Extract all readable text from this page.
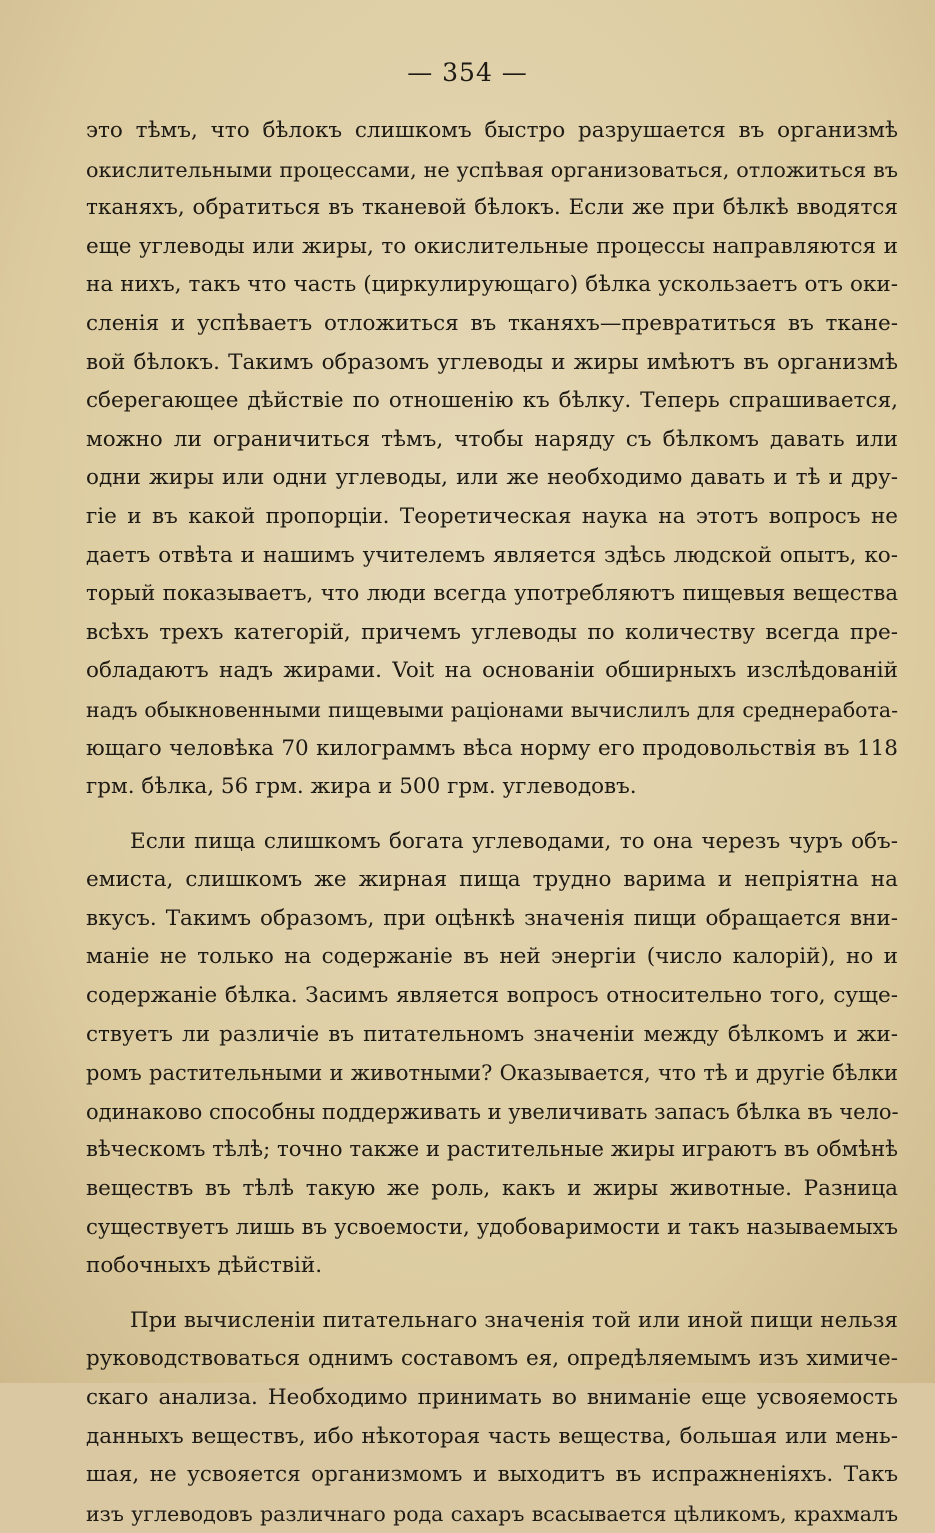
— 354 —
это тѣмъ, что бѣлокъ слишкомъ быстро разрушается въ организмѣ
окислительными процессами, не успѣвая организоваться, отложиться въ
тканяхъ, обратиться въ тканевой бѣлокъ. Если же при бѣлкѣ вводятся
еще углеводы или жиры, то окислительные процессы направляются и
на нихъ, такъ что часть (циркулирующаго) бѣлка ускользаетъ отъ оки-
сленія и успѣваетъ отложиться въ тканяхъ—превратиться въ ткане-
вой бѣлокъ. Такимъ образомъ углеводы и жиры имѣютъ въ организмѣ
сберегающее дѣйствіе по отношенію къ бѣлку. Теперь спрашивается,
можно ли ограничиться тѣмъ, чтобы наряду съ бѣлкомъ давать или
одни жиры или одни углеводы, или же необходимо давать и тѣ и дру-
гіе и въ какой пропорціи. Теоретическая наука на этотъ вопросъ не
даетъ отвѣта и нашимъ учителемъ является здѣсь людской опытъ, ко-
торый показываетъ, что люди всегда употребляютъ пищевыя вещества
всѣхъ трехъ категорій, причемъ углеводы по количеству всегда пре-
обладаютъ надъ жирами. Voit на основаніи обширныхъ изслѣдованій
надъ обыкновенными пищевыми раціонами вычислилъ для среднеработа-
ющаго человѣка 70 килограммъ вѣса норму его продовольствія въ 118
грм. бѣлка, 56 грм. жира и 500 грм. углеводовъ.
Если пища слишкомъ богата углеводами, то она черезъ чуръ объ-
емиста, слишкомъ же жирная пища трудно варима и непріятна на
вкусъ. Такимъ образомъ, при оцѣнкѣ значенія пищи обращается вни-
маніе не только на содержаніе въ ней энергіи (число калорій), но и
содержаніе бѣлка. Засимъ является вопросъ относительно того, суще-
ствуетъ ли различіе въ питательномъ значеніи между бѣлкомъ и жи-
ромъ растительными и животными? Оказывается, что тѣ и другіе бѣлки
одинаково способны поддерживать и увеличивать запасъ бѣлка въ чело-
вѣческомъ тѣлѣ; точно также и растительные жиры играютъ въ обмѣнѣ
веществъ въ тѣлѣ такую же роль, какъ и жиры животные. Разница
существуетъ лишь въ усвоемости, удобоваримости и такъ называемыхъ
побочныхъ дѣйствій.
При вычисленіи питательнаго значенія той или иной пищи нельзя
руководствоваться однимъ составомъ ея, опредѣляемымъ изъ химиче-
скаго анализа. Необходимо принимать во вниманіе еще усвояемость
данныхъ веществъ, ибо нѣкоторая часть вещества, большая или мень-
шая, не усвояется организмомъ и выходитъ въ испражненіяхъ. Такъ
изъ углеводовъ различнаго рода сахаръ всасывается цѣликомъ, крахмалъ
